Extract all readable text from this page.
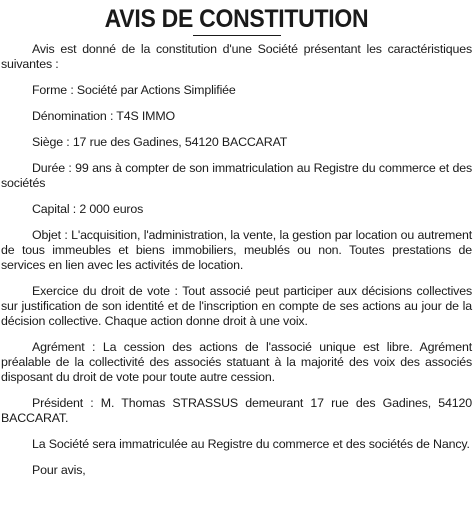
AVIS DE CONSTITUTION

Avis est donné de la constitution d'une Société présentant les caractéristiques suivantes :

Forme : Société par Actions Simplifiée

Dénomination : T4S IMMO

Siège : 17 rue des Gadines, 54120 BACCARAT

Durée : 99 ans à compter de son immatriculation au Registre du commerce et des sociétés

Capital : 2 000 euros

Objet : L'acquisition, l'administration, la vente, la gestion par location ou autrement de tous immeubles et biens immobiliers, meublés ou non. Toutes prestations de services en lien avec les activités de location.

Exercice du droit de vote : Tout associé peut participer aux décisions collectives sur justification de son identité et de l'inscription en compte de ses actions au jour de la décision collective. Chaque action donne droit à une voix.

Agrément : La cession des actions de l'associé unique est libre. Agrément préalable de la collectivité des associés statuant à la majorité des voix des associés disposant du droit de vote pour toute autre cession.

Président : M. Thomas STRASSUS demeurant 17 rue des Gadines, 54120 BACCARAT.

La Société sera immatriculée au Registre du commerce et des sociétés de Nancy.

Pour avis,
